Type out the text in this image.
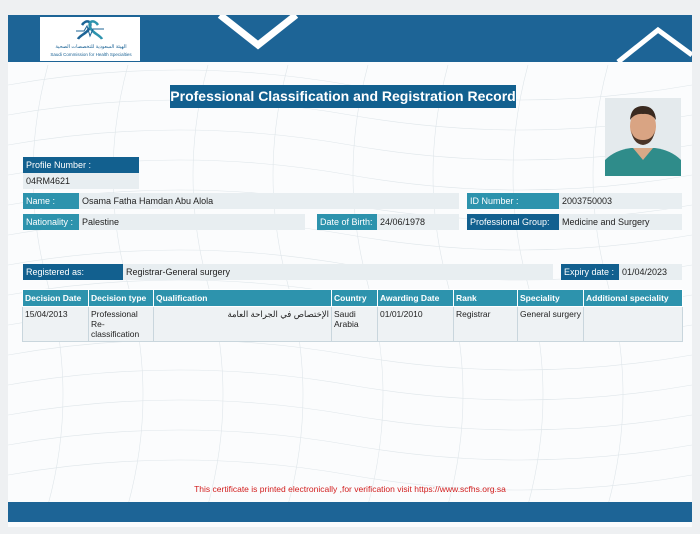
الهيئة السعودية للتخصصات الصحية
Saudi Commission for Health Specialties
Professional Classification and Registration Record
Profile Number :
04RM4621
Name :	Osama Fatha Hamdan Abu Alola	ID Number :	2003750003
Nationality : Palestine	Date of Birth: 24/06/1978	Professional Group:	Medicine and Surgery
Registered as:	Registrar-General surgery	Expiry date : 01/04/2023
Decision Date	Decision type	Qualification	Country	Awarding Date	Rank	Speciality	Additional speciality
15/04/2013	Professional Re-classification	الإختصاص في الجراحة العامة	Saudi Arabia	01/01/2010	Registrar	General surgery	
This certificate is printed electronically ,for verification visit https://www.scfhs.org.sa
